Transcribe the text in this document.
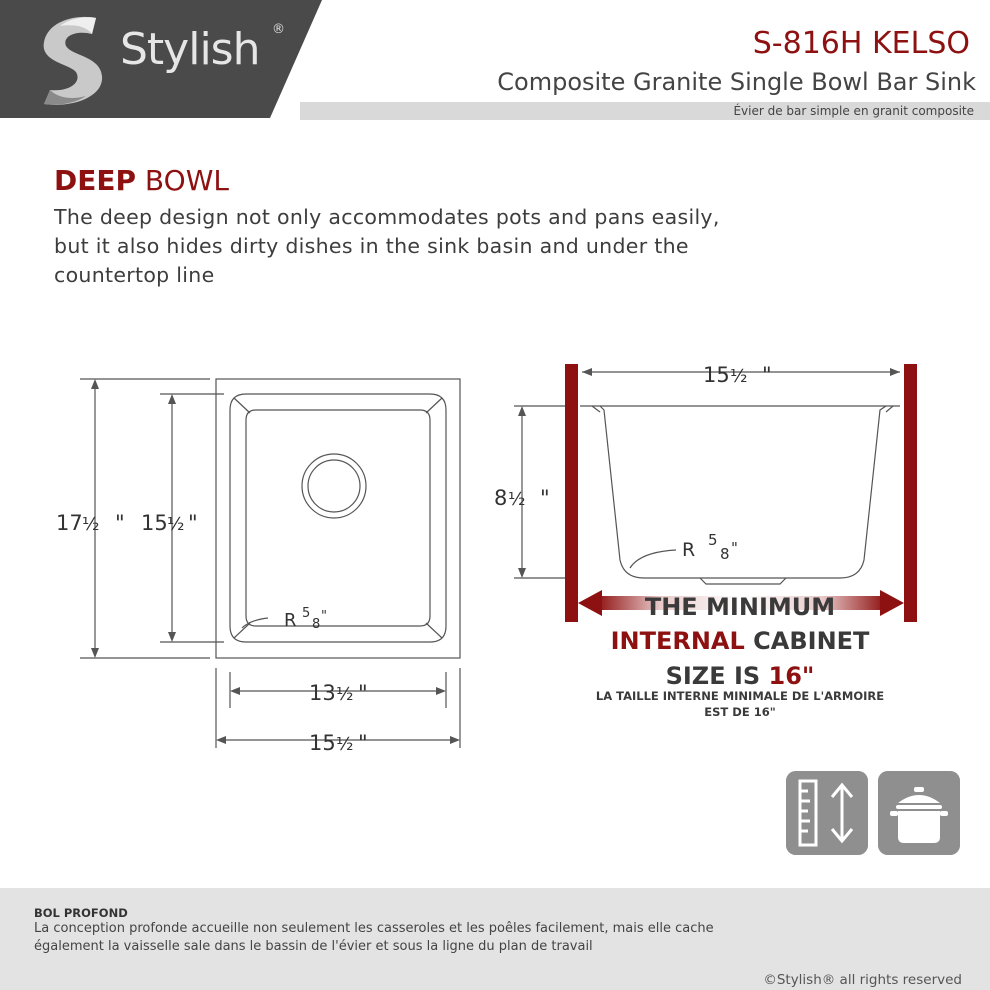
Stylish ®	S-816H KELSO
Composite Granite Single Bowl Bar Sink
Évier de bar simple en granit composite
DEEP BOWL
The deep design not only accommodates pots and pans easily, but it also hides dirty dishes in the sink basin and under the countertop line
17 ½ " 15 ½ "
R 5
8
"
13 ½ "
15 ½ "
15 ½ "
8 ½ "
R 5
8 "
THE MINIMUM
INTERNAL CABINET
SIZE IS 16"
LA TAILLE INTERNE MINIMALE DE L'ARMOIRE
EST DE 16"
BOL PROFOND
La conception profonde accueille non seulement les casseroles et les poêles facilement, mais elle cache également la vaisselle sale dans le bassin de l'évier et sous la ligne du plan de travail
©Stylish® all rights reserved
